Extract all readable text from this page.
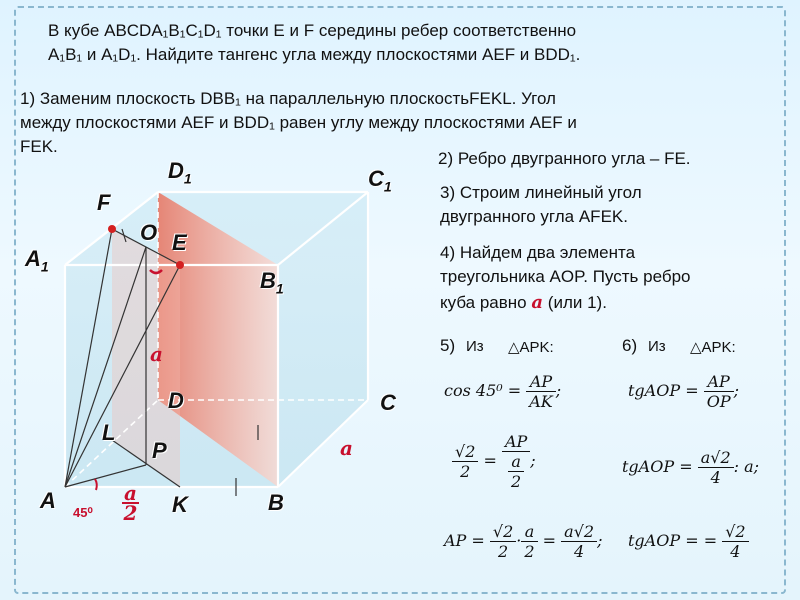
В кубе ABCDA₁B₁C₁D₁ точки E и F середины ребер соответственно
A₁B₁ и A₁D₁. Найдите тангенс угла между плоскостями AEF и BDD₁.
1) Заменим плоскость DBB₁ на параллельную плоскостьFEKL. Угол
между плоскостями AEF и BDD₁ равен углу между плоскостями AEF и
FEK.
2) Ребро двугранного угла – FE.
3) Строим линейный угол
двугранного угла AFEK.
4) Найдем два элемента
треугольника AOP. Пусть ребро
куба равно a (или 1).
$D_1$	$C_1$
$A_1$
$B_1$
F
O E
D	C
L
P
A	K	B
a
a
a
2
45⁰
5) Из △APK:	6) Из △APK:
$\cos 45^0 = \frac{AP}{AK}$ ;
$\frac{√2}{2} = \frac{AP}{\frac{a}{2}}$ ;
AP = $\frac{√2}{2} \cdot \frac{a}{2} = \frac{a√2}{4}$ ;
tgAOP = $\frac{AP}{OP}$ ;
tgAOP = $\frac{a√2}{4}$ : a;
tgAOP = = $\frac{√2}{4}$
